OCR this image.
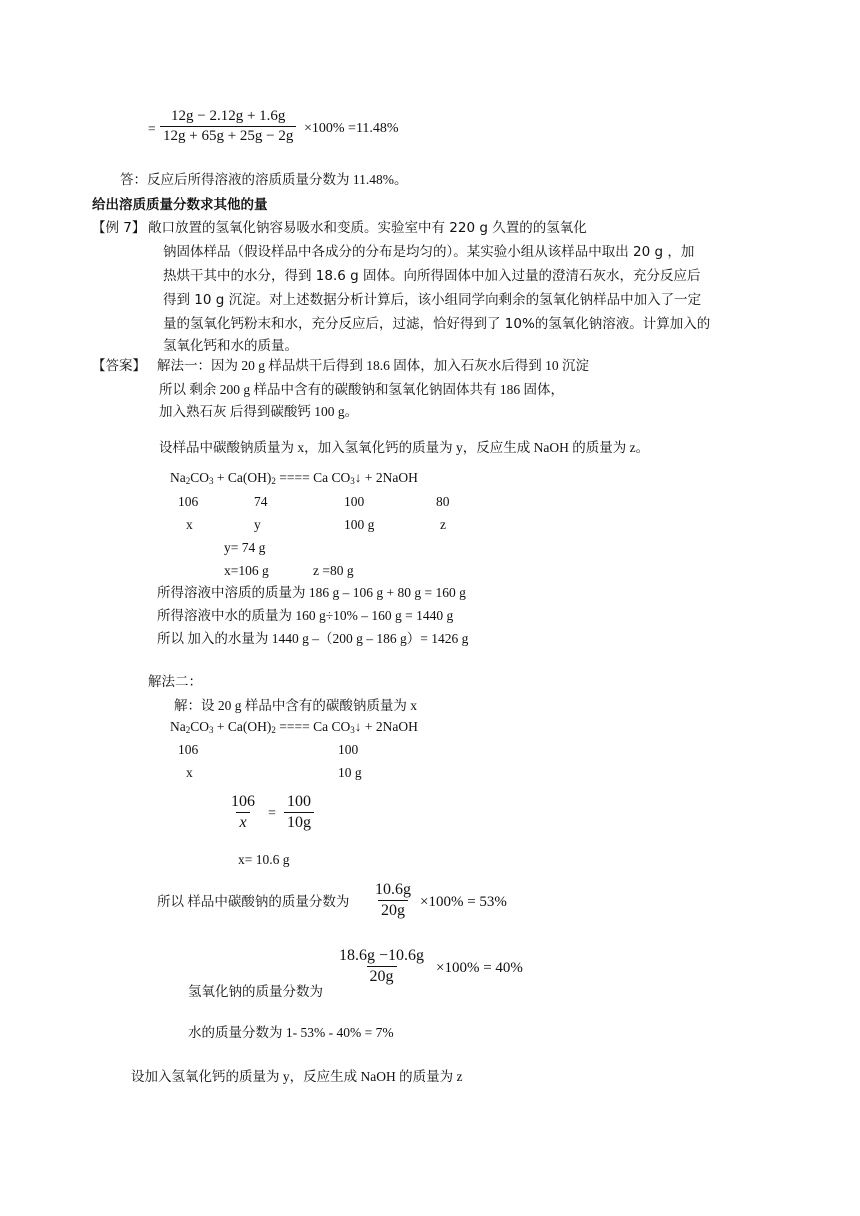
= $\frac{12g - 2.12g + 1.6g}{12g + 65g + 25g - 2g} \times 100\% =11.48\%$
答：反应后所得溶液的溶质质量分数为 11.48%。
给出溶质质量分数求其他的量
【例 7】 敞口放置的氢氧化钠容易吸水和变质。实验室中有 220 g 久置的的氢氧化
钠固体样品（假设样品中各成分的分布是均匀的）。某实验小组从该样品中取出 20 g ，加
热烘干其中的水分，得到 18.6 g 固体。向所得固体中加入过量的澄清石灰水，充分反应后
得到 10 g 沉淀。对上述数据分析计算后，该小组同学向剩余的氢氧化钠样品中加入了一定
量的氢氧化钙粉末和水，充分反应后，过滤，恰好得到了 10%的氢氧化钠溶液。计算加入的
氢氧化钙和水的质量。
【答案】 解法一：因为 20 g 样品烘干后得到 18.6 固体，加入石灰水后得到 10 沉淀
所以 剩余 200 g 样品中含有的碳酸钠和氢氧化钠固体共有 186 固体，
加入熟石灰 后得到碳酸钙 100 g。
设样品中碳酸钠质量为 x，加入氢氧化钙的质量为 y，反应生成 NaOH 的质量为 z。
$Na_2CO_3 + Ca(OH)_2$ ==== Ca $CO_3↓$ + 2NaOH
106	74	100	80
x	y	100 g	z
y= 74 g
x=106 g	z =80 g
所得溶液中溶质的质量为 186 g – 106 g + 80 g = 160 g
所得溶液中水的质量为 160 g÷10% – 160 g = 1440 g
所以 加入的水量为 1440 g –（200 g – 186 g）= 1426 g
解法二：
解：设 20 g 样品中含有的碳酸钠质量为 x
$Na_2CO_3 + Ca(OH)_2$ ==== Ca $CO_3↓$ + 2NaOH
106	100
x	10 g
$\frac{106}{x} = \frac{100}{10g}$
x= 10.6 g
所以 样品中碳酸钠的质量分数为 $\frac{10.6g}{20g} \times 100\% = 53\%$
$\frac{18.6g -10.6g}{20g} \times 100\% = 40\%$
氢氧化钠的质量分数为
水的质量分数为 1- 53% - 40% = 7%
设加入氢氧化钙的质量为 y，反应生成 NaOH 的质量为 z
